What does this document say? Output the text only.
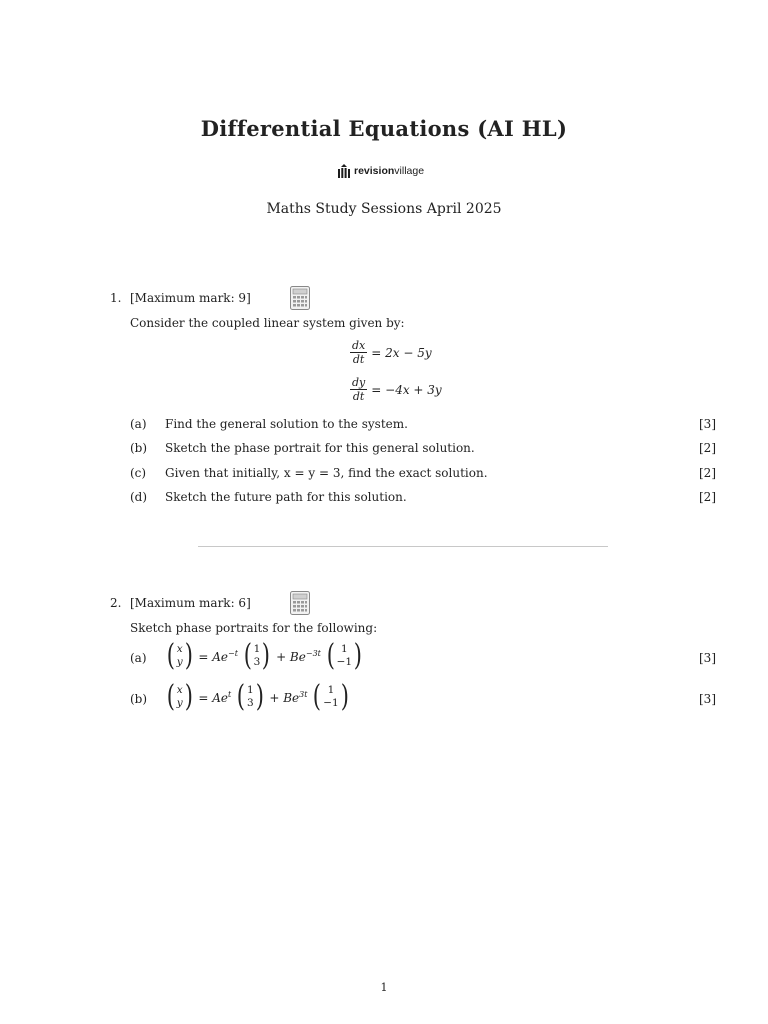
Differential Equations (AI HL)
revisionvillage
Maths Study Sessions April 2025
1. [Maximum mark: 9]
Consider the coupled linear system given by:
$\frac{dx}{dt} = 2x - 5y$
$\frac{dy}{dt} = -4x + 3y$
(a) Find the general solution to the system.	[3]
(b) Sketch the phase portrait for this general solution.	[2]
(c) Given that initially, x = y = 3, find the exact solution.	[2]
(d) Sketch the future path for this solution.	[2]
2. [Maximum mark: 6]
Sketch phase portraits for the following:
(a) ( x
y ) = $Ae^{-t}$ ( 1
3 ) + $Be^{-3t}$ ( 1
−1 )	[3]
(b) ( x
y ) = $Ae^t$ ( 1
3 ) + $Be^{3t}$ ( 1
−1 )	[3]
1
